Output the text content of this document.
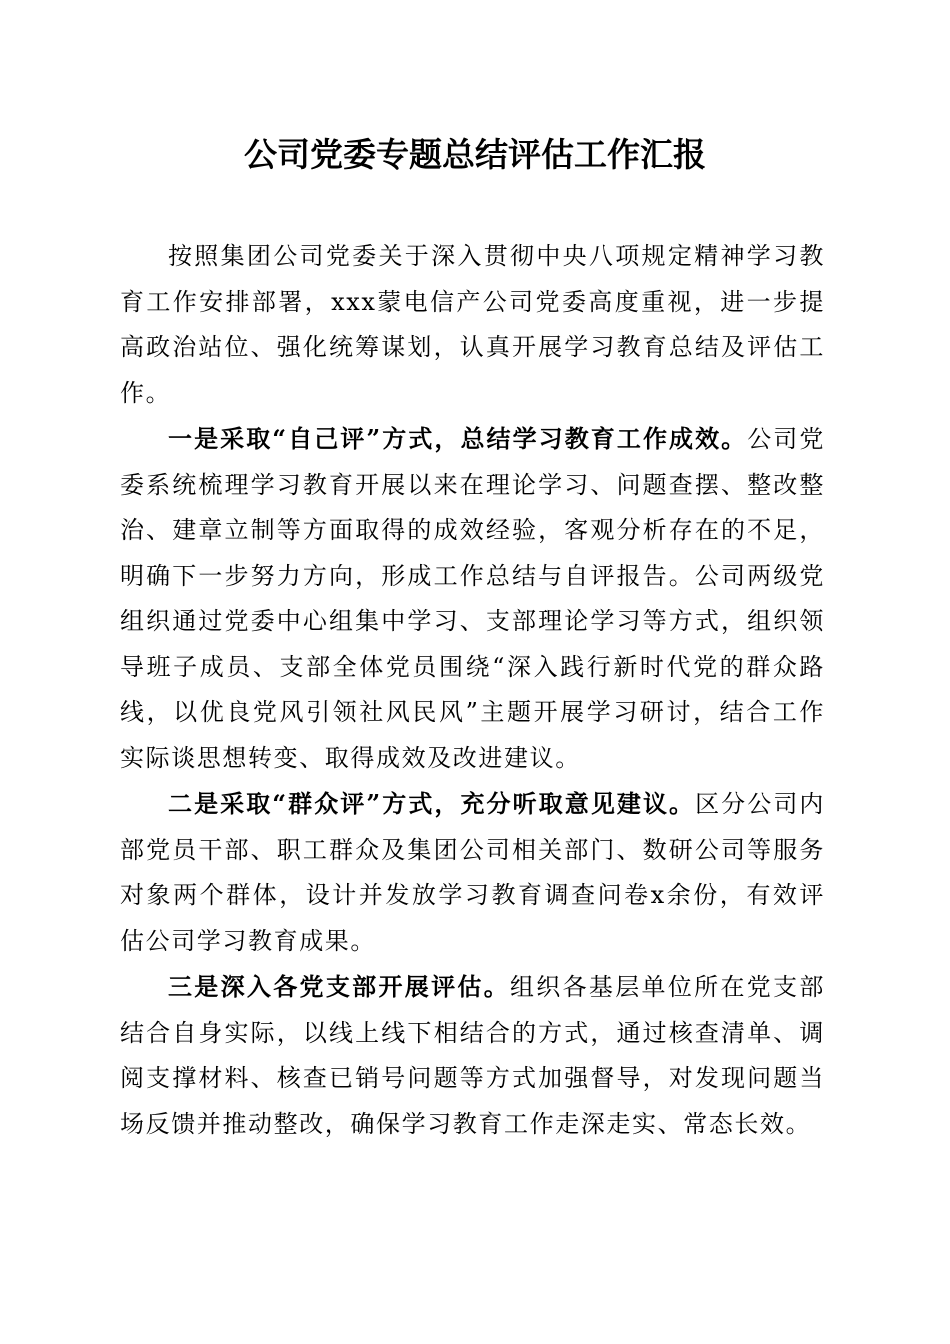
公司党委专题总结评估工作汇报

按照集团公司党委关于深入贯彻中央八项规定精神学习教育工作安排部署，xxx蒙电信产公司党委高度重视，进一步提高政治站位、强化统筹谋划，认真开展学习教育总结及评估工作。

一是采取“自己评”方式，总结学习教育工作成效。公司党委系统梳理学习教育开展以来在理论学习、问题查摆、整改整治、建章立制等方面取得的成效经验，客观分析存在的不足，明确下一步努力方向，形成工作总结与自评报告。公司两级党组织通过党委中心组集中学习、支部理论学习等方式，组织领导班子成员、支部全体党员围绕“深入践行新时代党的群众路线，以优良党风引领社风民风”主题开展学习研讨，结合工作实际谈思想转变、取得成效及改进建议。

二是采取“群众评”方式，充分听取意见建议。区分公司内部党员干部、职工群众及集团公司相关部门、数研公司等服务对象两个群体，设计并发放学习教育调查问卷x余份，有效评估公司学习教育成果。

三是深入各党支部开展评估。组织各基层单位所在党支部结合自身实际，以线上线下相结合的方式，通过核查清单、调阅支撑材料、核查已销号问题等方式加强督导，对发现问题当场反馈并推动整改，确保学习教育工作走深走实、常态长效。
